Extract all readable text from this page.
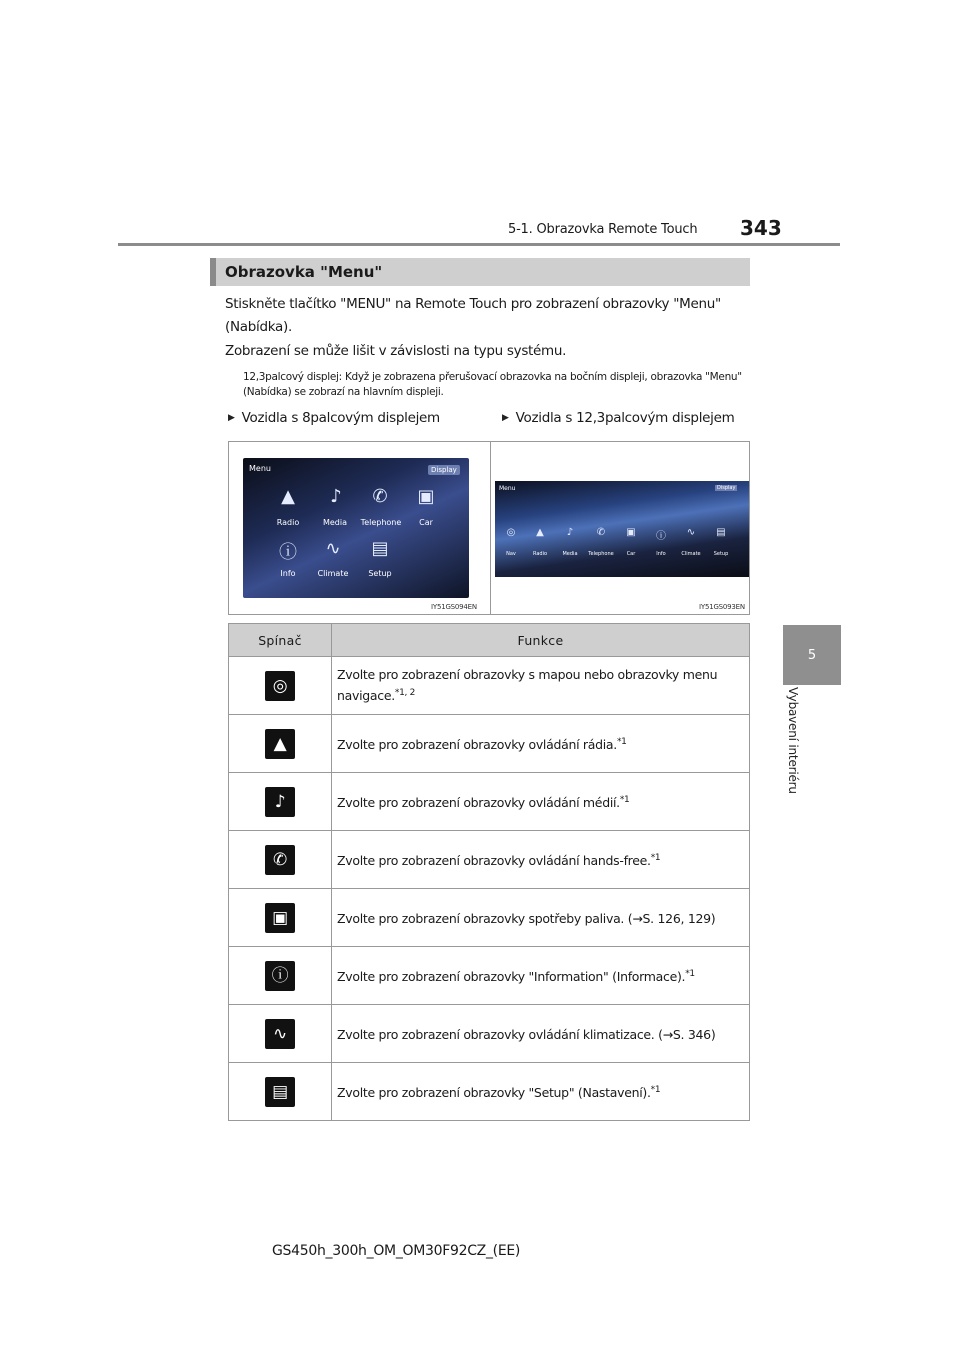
5-1. Obrazovka Remote Touch 343
5
Vybavení interiéru
Obrazovka "Menu"
Stiskněte tlačítko "MENU" na Remote Touch pro zobrazení obrazovky "Menu" (Nabídka).
Zobrazení se může lišit v závislosti na typu systému.
12,3palcový displej: Když je zobrazena přerušovací obrazovka na bočním displeji, obrazovka "Menu" (Nabídka) se zobrazí na hlavním displeji.
▶ Vozidla s 8palcovým displejem	▶ Vozidla s 12,3palcovým displejem
Menu	Display
▲	♪	✆	▣
Radio	Media	Telephone	Car
ⓘ	∿	▤
Info	Climate	Setup
IY51GS094EN
Menu	Display
◎	▲	♪	✆ ▣ ⓘ ∿ ▤
Nav	Radio	Media	Telephone	Car	Info	Climate	Setup
IY51GS093EN
Spínač	Funkce
◎	Zvolte pro zobrazení obrazovky s mapou nebo obrazovky menu navigace.$^{*1, 2}$
▲	Zvolte pro zobrazení obrazovky ovládání rádia.$^{*1}$
♪	Zvolte pro zobrazení obrazovky ovládání médií.$^{*1}$
✆	Zvolte pro zobrazení obrazovky ovládání hands-free.$^{*1}$
▣	Zvolte pro zobrazení obrazovky spotřeby paliva. (→S. 126, 129)
ⓘ	Zvolte pro zobrazení obrazovky "Information" (Informace).$^{*1}$
∿	Zvolte pro zobrazení obrazovky ovládání klimatizace. (→S. 346)
▤	Zvolte pro zobrazení obrazovky "Setup" (Nastavení).$^{*1}$
GS450h_300h_OM_OM30F92CZ_(EE)
